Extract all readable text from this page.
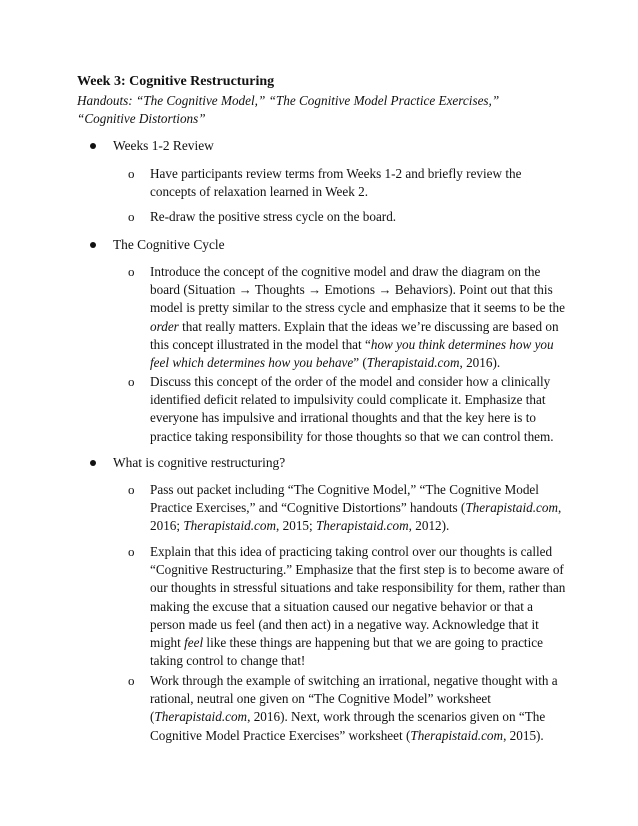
Week 3: Cognitive Restructuring
Handouts: “The Cognitive Model,” “The Cognitive Model Practice Exercises,” “Cognitive Distortions”
Weeks 1-2 Review
o Have participants review terms from Weeks 1-2 and briefly review the concepts of relaxation learned in Week 2.
o Re-draw the positive stress cycle on the board.
The Cognitive Cycle
o Introduce the concept of the cognitive model and draw the diagram on the board (Situation → Thoughts → Emotions → Behaviors). Point out that this model is pretty similar to the stress cycle and emphasize that it seems to be the order that really matters. Explain that the ideas we’re discussing are based on this concept illustrated in the model that “how you think determines how you feel which determines how you behave” (Therapistaid.com, 2016).
o Discuss this concept of the order of the model and consider how a clinically identified deficit related to impulsivity could complicate it. Emphasize that everyone has impulsive and irrational thoughts and that the key here is to practice taking responsibility for those thoughts so that we can control them.
What is cognitive restructuring?
o Pass out packet including “The Cognitive Model,” “The Cognitive Model Practice Exercises,” and “Cognitive Distortions” handouts (Therapistaid.com, 2016; Therapistaid.com, 2015; Therapistaid.com, 2012).
o Explain that this idea of practicing taking control over our thoughts is called “Cognitive Restructuring.” Emphasize that the first step is to become aware of our thoughts in stressful situations and take responsibility for them, rather than making the excuse that a situation caused our negative behavior or that a person made us feel (and then act) in a negative way. Acknowledge that it might feel like these things are happening but that we are going to practice taking control to change that!
o Work through the example of switching an irrational, negative thought with a rational, neutral one given on “The Cognitive Model” worksheet (Therapistaid.com, 2016). Next, work through the scenarios given on “The Cognitive Model Practice Exercises” worksheet (Therapistaid.com, 2015).
